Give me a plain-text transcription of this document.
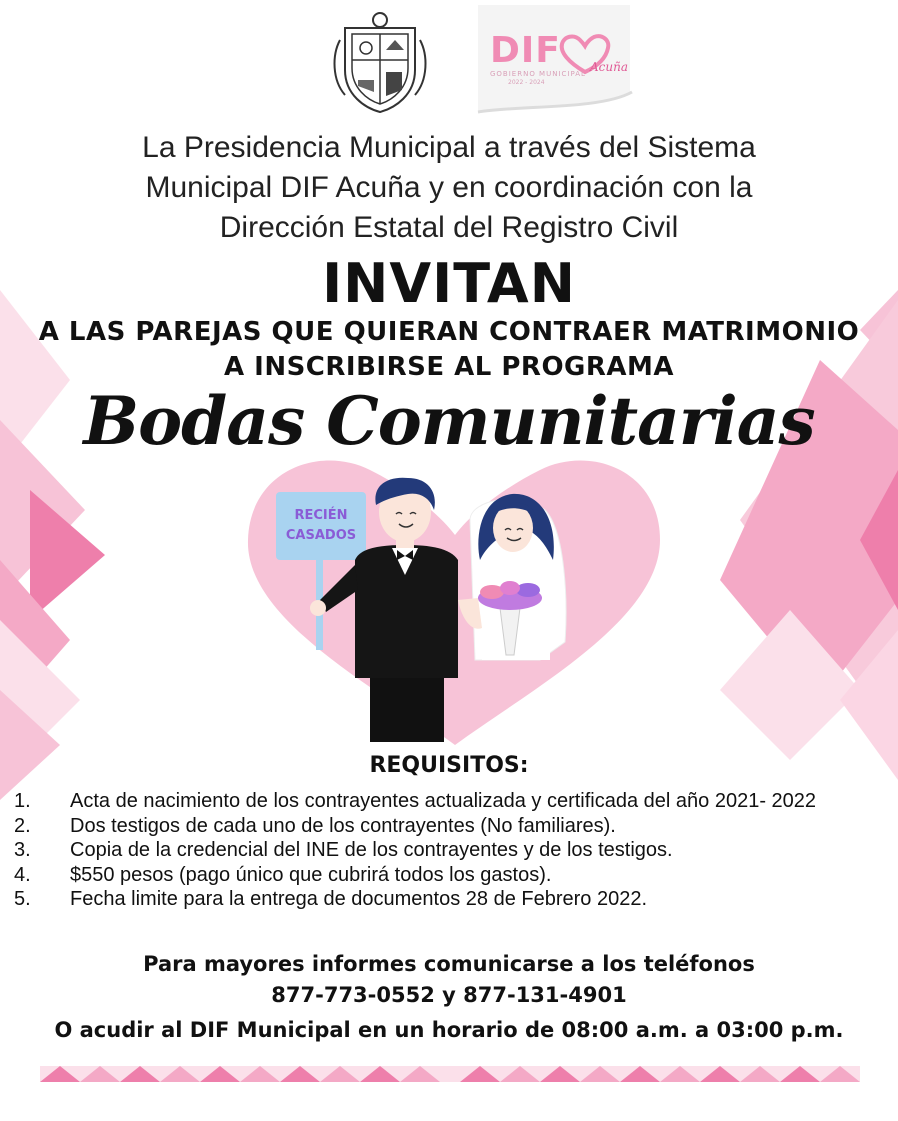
DIF
GOBIERNO MUNICIPAL
2022 - 2024
Acuña
La Presidencia Municipal a través del Sistema
Municipal DIF Acuña y en coordinación con la
Dirección Estatal del Registro Civil
INVITAN
A LAS PAREJAS QUE QUIERAN CONTRAER MATRIMONIO
A INSCRIBIRSE AL PROGRAMA
Bodas Comunitarias
RECIÉN
CASADOS
REQUISITOS:
1. Acta de nacimiento de los contrayentes actualizada y certificada del año 2021- 2022
2. Dos testigos de cada uno de los contrayentes (No familiares).
3. Copia de la credencial del INE de los contrayentes y de los testigos.
4. $550 pesos (pago único que cubrirá todos los gastos).
5. Fecha limite para la entrega de documentos 28 de Febrero 2022.
Para mayores informes comunicarse a los teléfonos
877-773-0552 y 877-131-4901
O acudir al DIF Municipal en un horario de 08:00 a.m. a 03:00 p.m.
